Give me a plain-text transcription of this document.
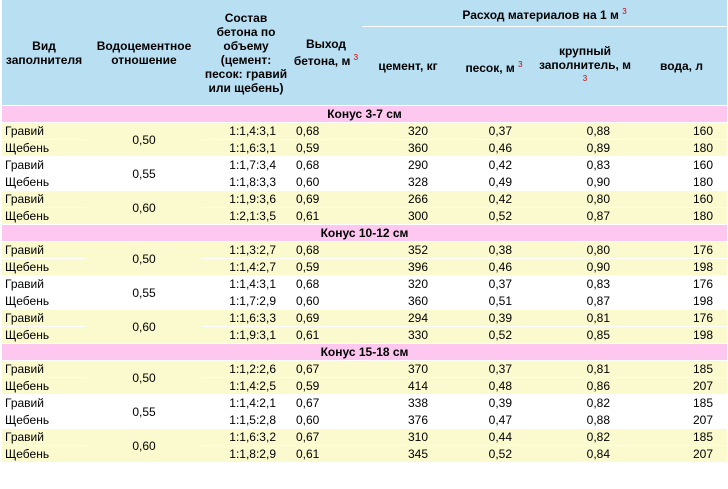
Вид заполнителя	Водоцементное отношение	Состав бетона по объему (цемент: песок: гравий или щебень)	Выход бетона, м $^3$	Расход материалов на 1 м $^3$
				цемент, кг	песок, м $^3$	крупный заполнитель, м $^3$	вода, л
Конус 3-7 см							
Гравий	0,50	1:1,4:3,1	0,68	320	0,37	0,88	160
Щебень		1:1,6:3,1	0,59	360	0,46	0,89	180
Гравий	0,55	1:1,7:3,4	0,68	290	0,42	0,83	160
Щебень		1:1,8:3,3	0,60	328	0,49	0,90	180
Гравий	0,60	1:1,9:3,6	0,69	266	0,42	0,80	160
Щебень		1:2,1:3,5	0,61	300	0,52	0,87	180
Конус 10-12 см							
Гравий	0,50	1:1,3:2,7	0,68	352	0,38	0,80	176
Щебень		1:1,4:2,7	0,59	396	0,46	0,90	198
Гравий	0,55	1:1,4:3,1	0,68	320	0,37	0,83	176
Щебень		1:1,7:2,9	0,60	360	0,51	0,87	198
Гравий	0,60	1:1,6:3,3	0,69	294	0,39	0,81	176
Щебень		1:1,9:3,1	0,61	330	0,52	0,85	198
Конус 15-18 см							
Гравий	0,50	1:1,2:2,6	0,67	370	0,37	0,81	185
Щебень		1:1,4:2,5	0,59	414	0,48	0,86	207
Гравий	0,55	1:1,4:2,1	0,67	338	0,39	0,82	185
Щебень		1:1,5:2,8	0,60	376	0,47	0,88	207
Гравий	0,60	1:1,6:3,2	0,67	310	0,44	0,82	185
Щебень		1:1,8:2,9	0,61	345	0,52	0,84	207
